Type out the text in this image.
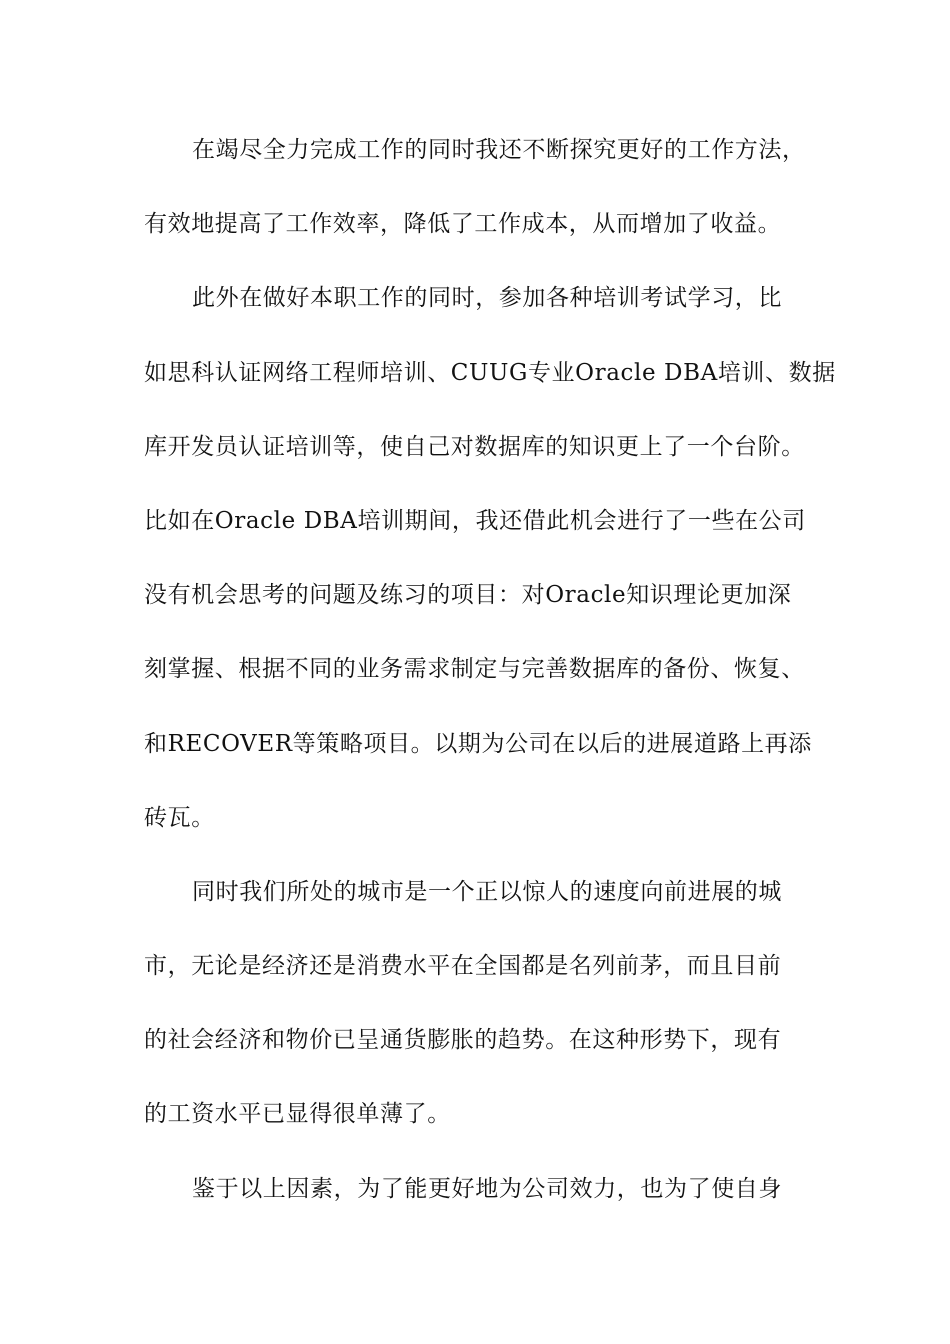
在竭尽全力完成工作的同时我还不断探究更好的工作方法，
有效地提高了工作效率，降低了工作成本，从而增加了收益。
此外在做好本职工作的同时，参加各种培训考试学习，比
如思科认证网络工程师培训、CUUG专业Oracle DBA培训、数据
库开发员认证培训等，使自己对数据库的知识更上了一个台阶。
比如在Oracle DBA培训期间，我还借此机会进行了一些在公司
没有机会思考的问题及练习的项目：对Oracle知识理论更加深
刻掌握、根据不同的业务需求制定与完善数据库的备份、恢复、
和RECOVER等策略项目。以期为公司在以后的进展道路上再添
砖瓦。
同时我们所处的城市是一个正以惊人的速度向前进展的城
市，无论是经济还是消费水平在全国都是名列前茅，而且目前
的社会经济和物价已呈通货膨胀的趋势。在这种形势下，现有
的工资水平已显得很单薄了。
鉴于以上因素，为了能更好地为公司效力，也为了使自身
